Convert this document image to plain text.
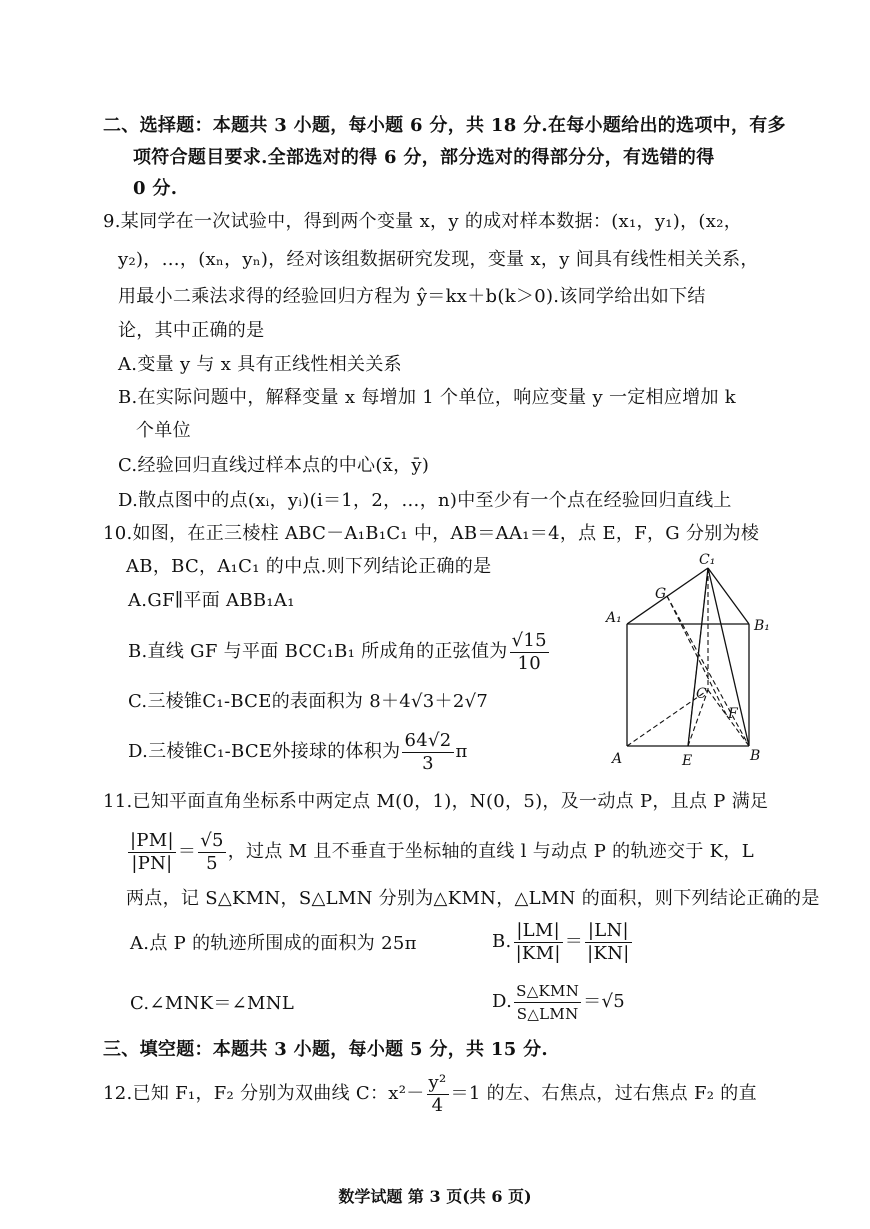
二、选择题：本题共 3 小题，每小题 6 分，共 18 分.在每小题给出的选项中，有多
项符合题目要求.全部选对的得 6 分，部分选对的得部分分，有选错的得
0 分.
9.某同学在一次试验中，得到两个变量 x，y 的成对样本数据：(x₁，y₁)，(x₂，
y₂)，…，(xₙ，yₙ)，经对该组数据研究发现，变量 x，y 间具有线性相关关系，
用最小二乘法求得的经验回归方程为 ŷ＝kx＋b(k＞0).该同学给出如下结
论，其中正确的是
A.变量 y 与 x 具有正线性相关关系
B.在实际问题中，解释变量 x 每增加 1 个单位，响应变量 y 一定相应增加 k
个单位
C.经验回归直线过样本点的中心(x̄，ȳ)
D.散点图中的点(xᵢ，yᵢ)(i＝1，2，…，n)中至少有一个点在经验回归直线上
10.如图，在正三棱柱 ABC－A₁B₁C₁ 中，AB＝AA₁＝4，点 E，F，G 分别为棱
AB，BC，A₁C₁ 的中点.则下列结论正确的是
A.GF∥平面 ABB₁A₁
B.直线 GF 与平面 BCC₁B₁ 所成角的正弦值为 $\frac{√15}{10}$
C.三棱锥C₁-BCE的表面积为 8＋4√3＋2√7
D.三棱锥C₁-BCE外接球的体积为 $\frac{64√2}{3}$ π
C₁
G
A₁	B₁
C
F
A	E	B
11.已知平面直角坐标系中两定点 M(0，1)，N(0，5)，及一动点 P，且点 P 满足
$\frac{|PM|}{|PN|} = \frac{√5}{5}$ ，过点 M 且不垂直于坐标轴的直线 l 与动点 P 的轨迹交于 K，L
两点，记 S△KMN，S△LMN 分别为△KMN，△LMN 的面积，则下列结论正确的是
A.点 P 的轨迹所围成的面积为 25π	B. $\frac{|LM|}{|KM|} = \frac{|LN|}{|KN|}$
C.∠MNK＝∠MNL	D. $\frac{\text{S△KMN}}{\text{S△LMN}} =√5$
三、填空题：本题共 3 小题，每小题 5 分，共 15 分.
12.已知 F₁，F₂ 分别为双曲线 C：$x^2- \frac{\text{y²}}{4} =1$ 的左、右焦点，过右焦点 F₂ 的直
数学试题 第 3 页(共 6 页)
